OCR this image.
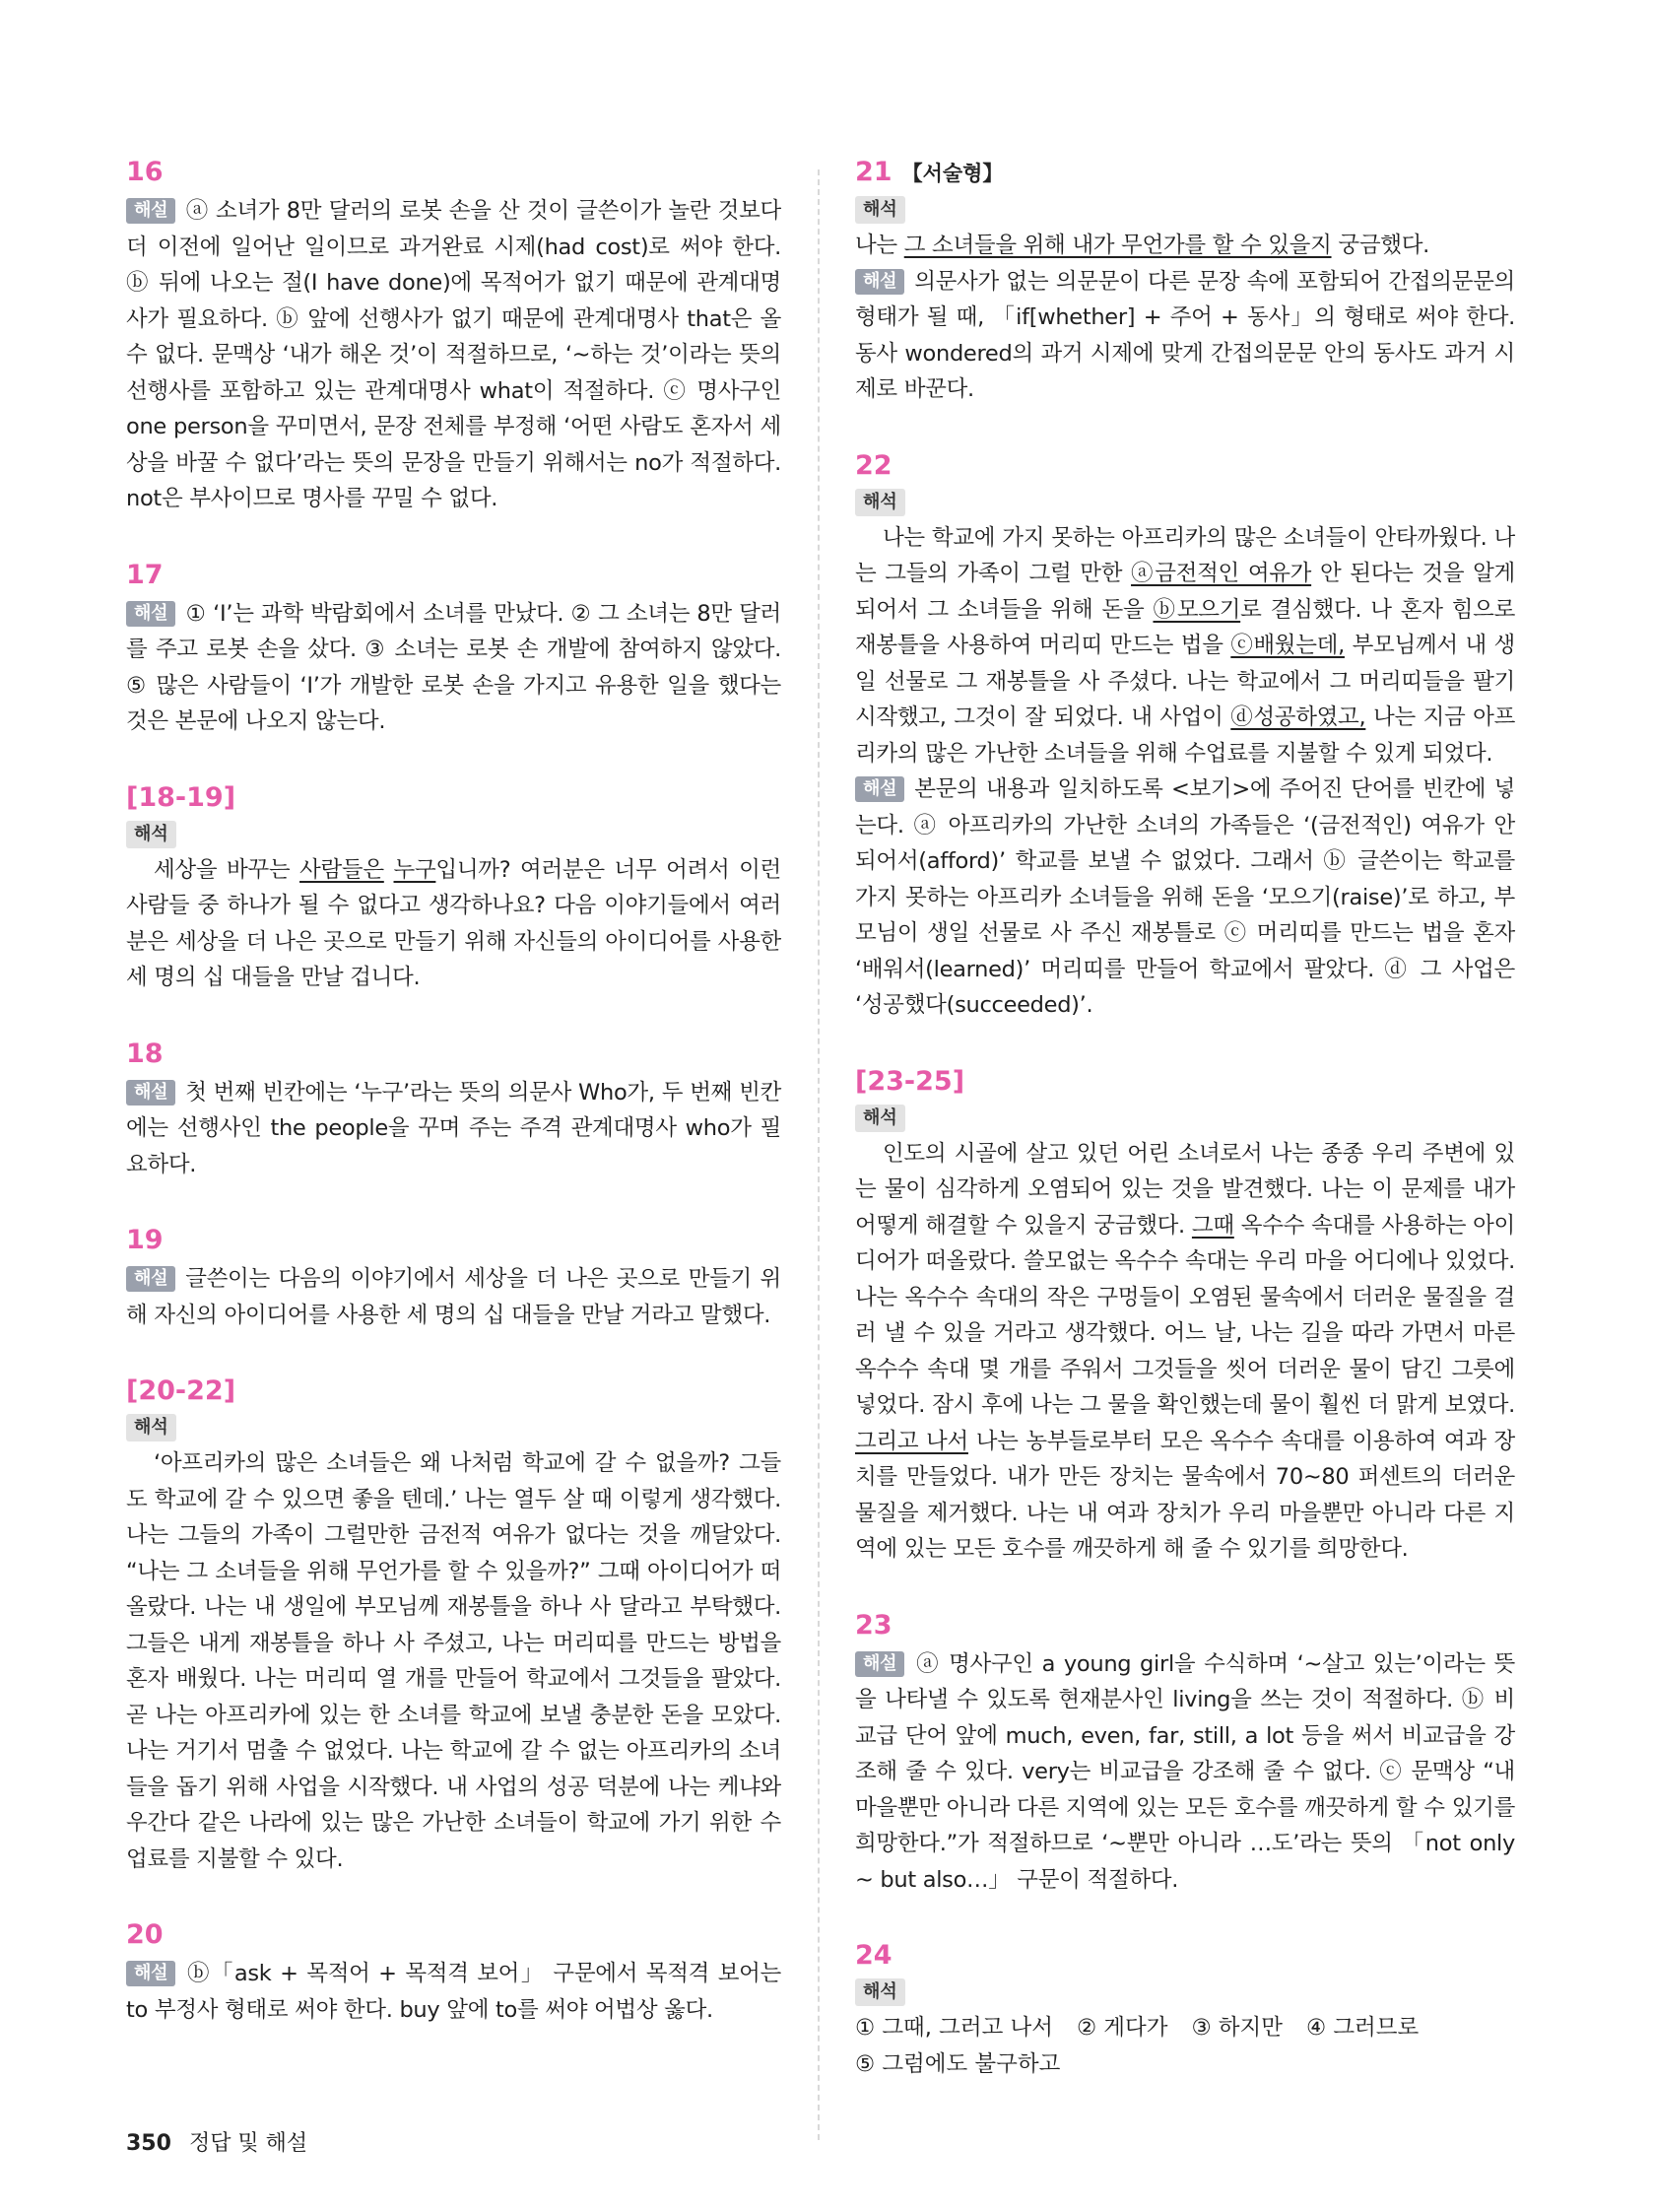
16

해설 ⓐ 소녀가 8만 달러의 로봇 손을 산 것이 글쓴이가 놀란 것보다 더 이전에 일어난 일이므로 과거완료 시제(had cost)로 써야 한다. ⓑ 뒤에 나오는 절(I have done)에 목적어가 없기 때문에 관계대명사가 필요하다. ⓑ 앞에 선행사가 없기 때문에 관계대명사 that은 올 수 없다. 문맥상 ‘내가 해온 것’이 적절하므로, ‘~하는 것’이라는 뜻의 선행사를 포함하고 있는 관계대명사 what이 적절하다. ⓒ 명사구인 one person을 꾸미면서, 문장 전체를 부정해 ‘어떤 사람도 혼자서 세상을 바꿀 수 없다’라는 뜻의 문장을 만들기 위해서는 no가 적절하다. not은 부사이므로 명사를 꾸밀 수 없다.

17

해설 ① ‘I’는 과학 박람회에서 소녀를 만났다. ② 그 소녀는 8만 달러를 주고 로봇 손을 샀다. ③ 소녀는 로봇 손 개발에 참여하지 않았다. ⑤ 많은 사람들이 ‘I’가 개발한 로봇 손을 가지고 유용한 일을 했다는 것은 본문에 나오지 않는다.

[18-19]
해석

세상을 바꾸는 사람들은 누구입니까? 여러분은 너무 어려서 이런 사람들 중 하나가 될 수 없다고 생각하나요? 다음 이야기들에서 여러분은 세상을 더 나은 곳으로 만들기 위해 자신들의 아이디어를 사용한 세 명의 십 대들을 만날 겁니다.

18

해설 첫 번째 빈칸에는 ‘누구’라는 뜻의 의문사 Who가, 두 번째 빈칸에는 선행사인 the people을 꾸며 주는 주격 관계대명사 who가 필요하다.

19

해설 글쓴이는 다음의 이야기에서 세상을 더 나은 곳으로 만들기 위해 자신의 아이디어를 사용한 세 명의 십 대들을 만날 거라고 말했다.

[20-22]
해석

‘아프리카의 많은 소녀들은 왜 나처럼 학교에 갈 수 없을까? 그들도 학교에 갈 수 있으면 좋을 텐데.’ 나는 열두 살 때 이렇게 생각했다. 나는 그들의 가족이 그럴만한 금전적 여유가 없다는 것을 깨달았다. “나는 그 소녀들을 위해 무언가를 할 수 있을까?” 그때 아이디어가 떠올랐다. 나는 내 생일에 부모님께 재봉틀을 하나 사 달라고 부탁했다. 그들은 내게 재봉틀을 하나 사 주셨고, 나는 머리띠를 만드는 방법을 혼자 배웠다. 나는 머리띠 열 개를 만들어 학교에서 그것들을 팔았다. 곧 나는 아프리카에 있는 한 소녀를 학교에 보낼 충분한 돈을 모았다. 나는 거기서 멈출 수 없었다. 나는 학교에 갈 수 없는 아프리카의 소녀들을 돕기 위해 사업을 시작했다. 내 사업의 성공 덕분에 나는 케냐와 우간다 같은 나라에 있는 많은 가난한 소녀들이 학교에 가기 위한 수업료를 지불할 수 있다.

20

해설 ⓑ「ask + 목적어 + 목적격 보어」 구문에서 목적격 보어는 to 부정사 형태로 써야 한다. buy 앞에 to를 써야 어법상 옳다.

21 【서술형】
해석

나는 그 소녀들을 위해 내가 무언가를 할 수 있을지 궁금했다.

해설 의문사가 없는 의문문이 다른 문장 속에 포함되어 간접의문문의 형태가 될 때, 「if[whether] + 주어 + 동사」의 형태로 써야 한다. 동사 wondered의 과거 시제에 맞게 간접의문문 안의 동사도 과거 시제로 바꾼다.

22
해석

나는 학교에 가지 못하는 아프리카의 많은 소녀들이 안타까웠다. 나는 그들의 가족이 그럴 만한 ⓐ금전적인 여유가 안 된다는 것을 알게 되어서 그 소녀들을 위해 돈을 ⓑ모으기로 결심했다. 나 혼자 힘으로 재봉틀을 사용하여 머리띠 만드는 법을 ⓒ배웠는데, 부모님께서 내 생일 선물로 그 재봉틀을 사 주셨다. 나는 학교에서 그 머리띠들을 팔기 시작했고, 그것이 잘 되었다. 내 사업이 ⓓ성공하였고, 나는 지금 아프리카의 많은 가난한 소녀들을 위해 수업료를 지불할 수 있게 되었다.

해설 본문의 내용과 일치하도록 <보기>에 주어진 단어를 빈칸에 넣는다. ⓐ 아프리카의 가난한 소녀의 가족들은 ‘(금전적인) 여유가 안 되어서(afford)’ 학교를 보낼 수 없었다. 그래서 ⓑ 글쓴이는 학교를 가지 못하는 아프리카 소녀들을 위해 돈을 ‘모으기(raise)’로 하고, 부모님이 생일 선물로 사 주신 재봉틀로 ⓒ 머리띠를 만드는 법을 혼자 ‘배워서(learned)’ 머리띠를 만들어 학교에서 팔았다. ⓓ 그 사업은 ‘성공했다(succeeded)’.

[23-25]
해석

인도의 시골에 살고 있던 어린 소녀로서 나는 종종 우리 주변에 있는 물이 심각하게 오염되어 있는 것을 발견했다. 나는 이 문제를 내가 어떻게 해결할 수 있을지 궁금했다. 그때 옥수수 속대를 사용하는 아이디어가 떠올랐다. 쓸모없는 옥수수 속대는 우리 마을 어디에나 있었다. 나는 옥수수 속대의 작은 구멍들이 오염된 물속에서 더러운 물질을 걸러 낼 수 있을 거라고 생각했다. 어느 날, 나는 길을 따라 가면서 마른 옥수수 속대 몇 개를 주워서 그것들을 씻어 더러운 물이 담긴 그릇에 넣었다. 잠시 후에 나는 그 물을 확인했는데 물이 훨씬 더 맑게 보였다. 그리고 나서 나는 농부들로부터 모은 옥수수 속대를 이용하여 여과 장치를 만들었다. 내가 만든 장치는 물속에서 70~80 퍼센트의 더러운 물질을 제거했다. 나는 내 여과 장치가 우리 마을뿐만 아니라 다른 지역에 있는 모든 호수를 깨끗하게 해 줄 수 있기를 희망한다.

23

해설 ⓐ 명사구인 a young girl을 수식하며 ‘~살고 있는’이라는 뜻을 나타낼 수 있도록 현재분사인 living을 쓰는 것이 적절하다. ⓑ 비교급 단어 앞에 much, even, far, still, a lot 등을 써서 비교급을 강조해 줄 수 있다. very는 비교급을 강조해 줄 수 없다. ⓒ 문맥상 “내 마을뿐만 아니라 다른 지역에 있는 모든 호수를 깨끗하게 할 수 있기를 희망한다.”가 적절하므로 ‘~뿐만 아니라 …도’라는 뜻의 「not only ~ but also…」 구문이 적절하다.

24
해석

① 그때, 그러고 나서 ② 게다가 ③ 하지만 ④ 그러므로

⑤ 그럼에도 불구하고

350 정답 및 해설
